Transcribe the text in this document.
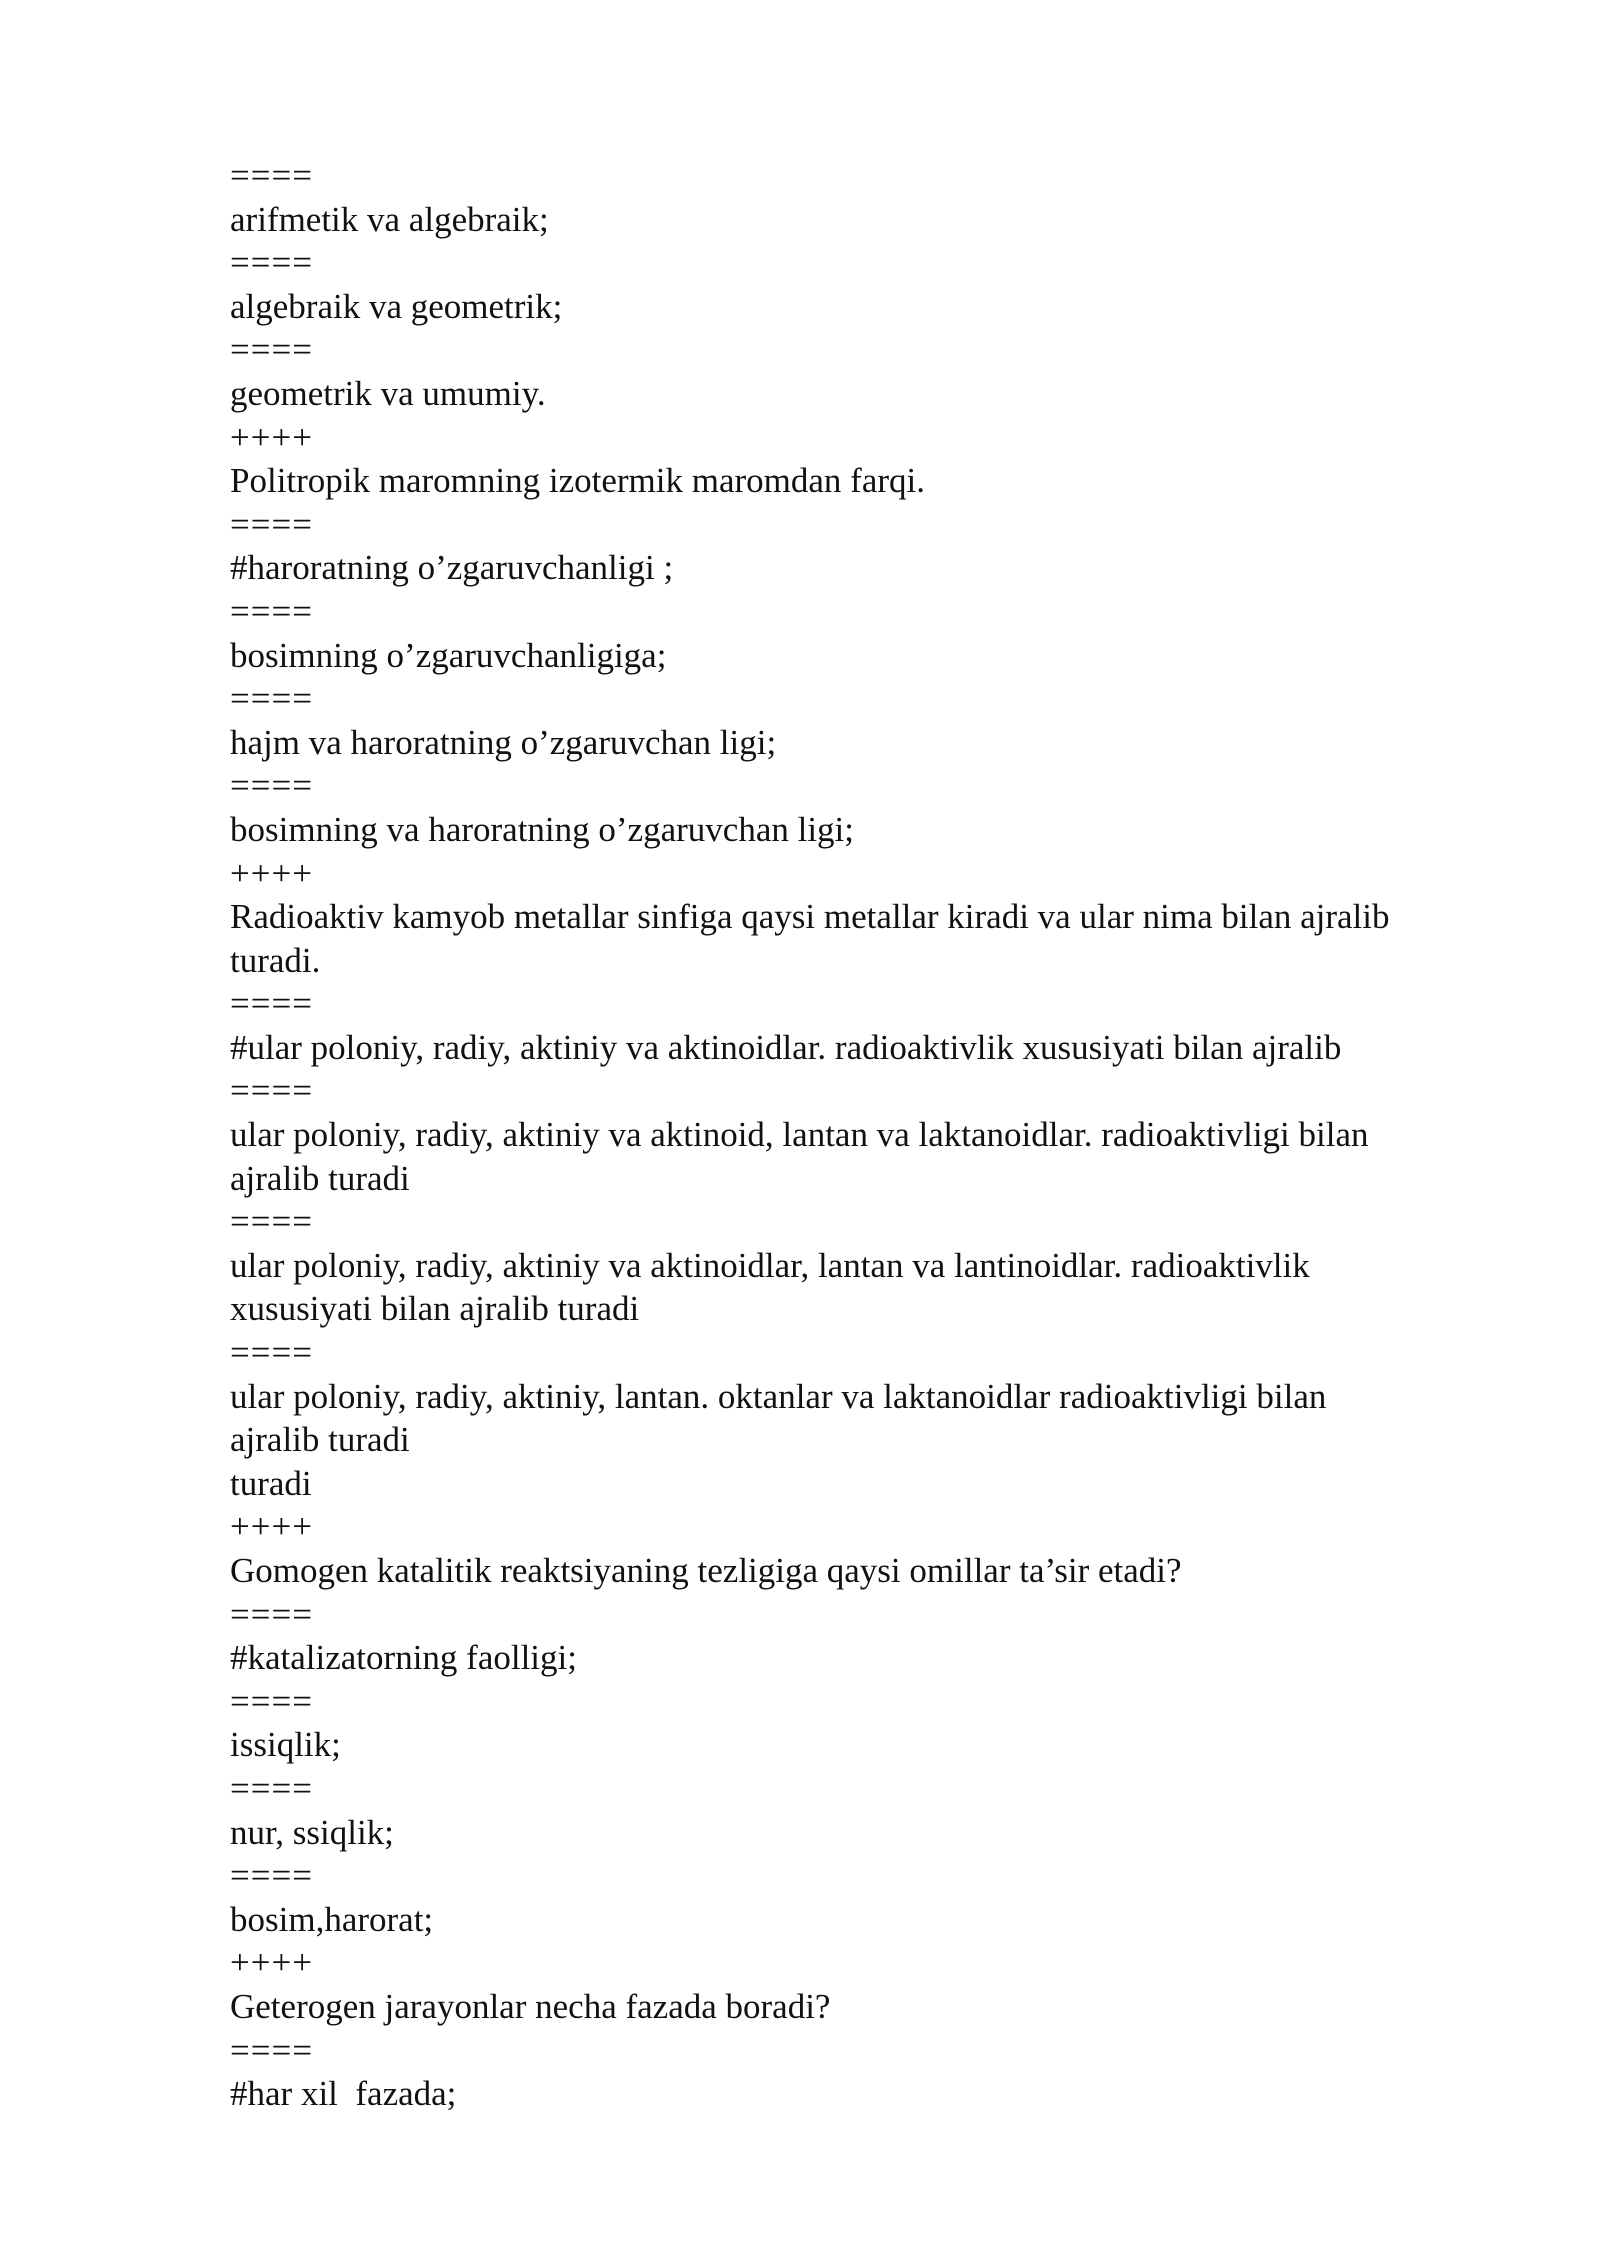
====
arifmetik va algebraik;
====
algebraik va geometrik;
====
geometrik va umumiy.
++++
Politropik maromning izotermik maromdan farqi.
====
#haroratning o’zgaruvchanligi ;
====
bosimning o’zgaruvchanligiga;
====
hajm va haroratning o’zgaruvchan ligi;
====
bosimning va haroratning o’zgaruvchan ligi;
++++
Radioaktiv kamyob metallar sinfiga qaysi metallar kiradi va ular nima bilan ajralib
turadi.
====
#ular poloniy, radiy, aktiniy va aktinoidlar. radioaktivlik xususiyati bilan ajralib
====
ular poloniy, radiy, aktiniy va aktinoid, lantan va laktanoidlar. radioaktivligi bilan
ajralib turadi
====
ular poloniy, radiy, aktiniy va aktinoidlar, lantan va lantinoidlar. radioaktivlik
xususiyati bilan ajralib turadi
====
ular poloniy, radiy, aktiniy, lantan. oktanlar va laktanoidlar radioaktivligi bilan
ajralib turadi
turadi
++++
Gomogen katalitik reaktsiyaning tezligiga qaysi omillar ta’sir etadi?
====
#katalizatorning faolligi;
====
issiqlik;
====
nur, ssiqlik;
====
bosim,harorat;
++++
Geterogen jarayonlar necha fazada boradi?
====
#har xil  fazada;
